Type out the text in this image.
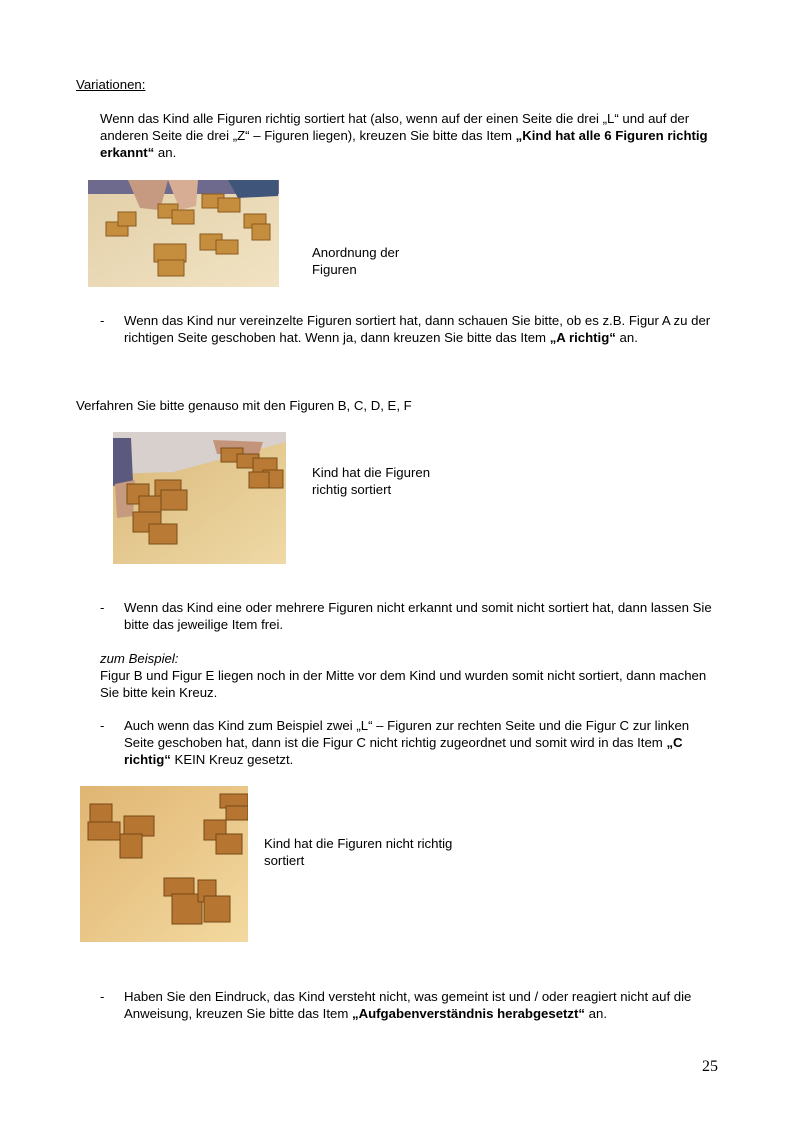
Variationen:

Wenn das Kind alle Figuren richtig sortiert hat (also, wenn auf der einen Seite die drei „L“ und auf der anderen Seite die drei „Z“ – Figuren liegen), kreuzen Sie bitte das Item „Kind hat alle 6 Figuren richtig erkannt“ an.

Anordnung der Figuren
-	Wenn das Kind nur vereinzelte Figuren sortiert hat, dann schauen Sie bitte, ob es z.B. Figur A zu der richtigen Seite geschoben hat. Wenn ja, dann kreuzen Sie bitte das Item „A richtig“ an.
Verfahren Sie bitte genauso mit den Figuren B, C, D, E, F
Kind hat die Figuren richtig sortiert
-	Wenn das Kind eine oder mehrere Figuren nicht erkannt und somit nicht sortiert hat, dann lassen Sie bitte das jeweilige Item frei.
zum Beispiel:
Figur B und Figur E liegen noch in der Mitte vor dem Kind und wurden somit nicht sortiert, dann machen Sie bitte kein Kreuz.
-	Auch wenn das Kind zum Beispiel zwei „L“ – Figuren zur rechten Seite und die Figur C zur linken Seite geschoben hat, dann ist die Figur C nicht richtig zugeordnet und somit wird in das Item „C richtig“ KEIN Kreuz gesetzt.
Kind hat die Figuren nicht richtig sortiert
-	Haben Sie den Eindruck, das Kind versteht nicht, was gemeint ist und / oder reagiert nicht auf die Anweisung, kreuzen Sie bitte das Item „Aufgabenverständnis herabgesetzt“ an.
25
